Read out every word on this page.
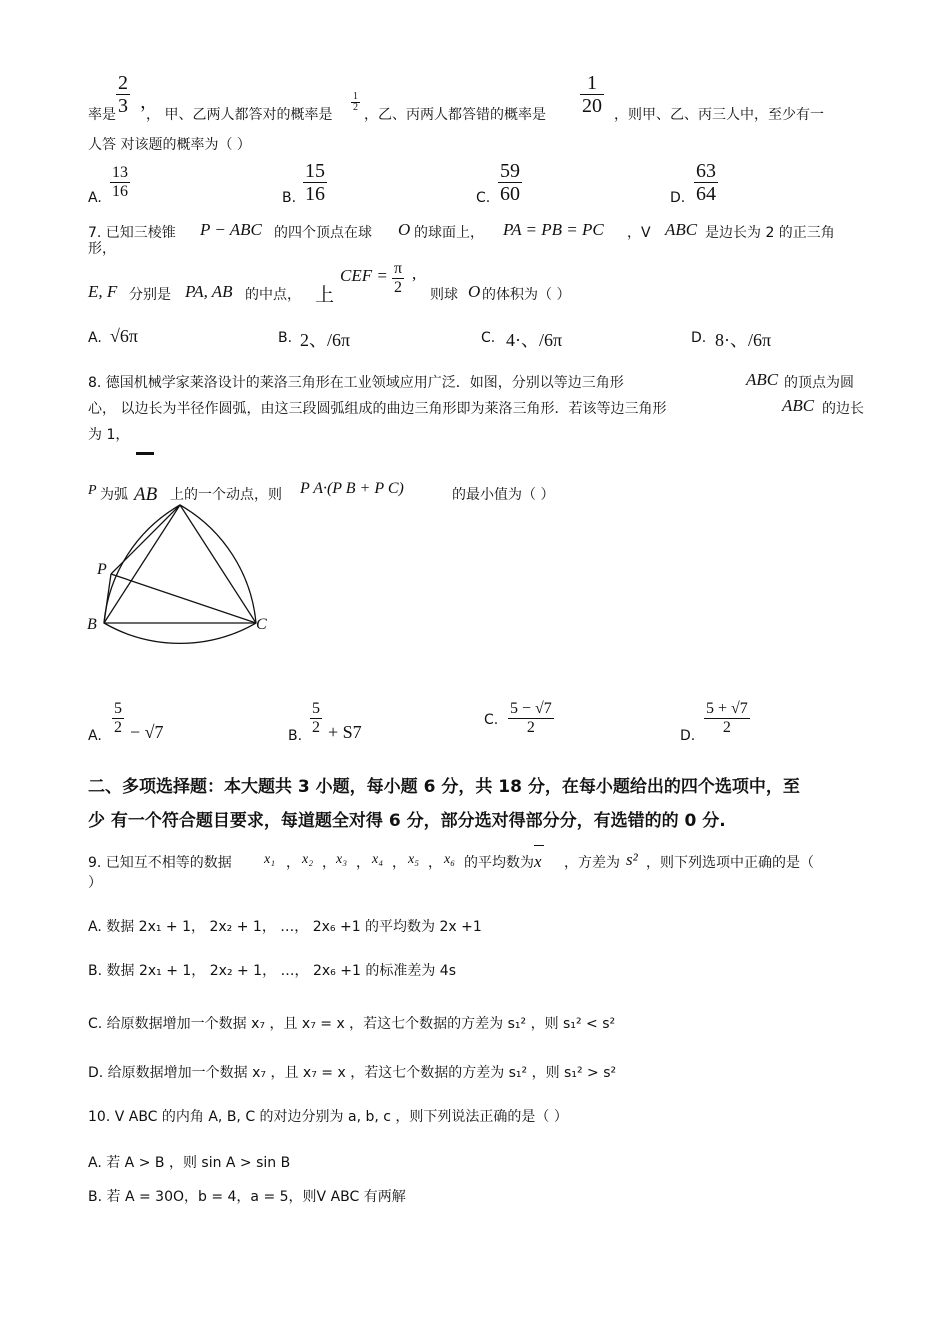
2
3
率是
，
， 甲、乙两人都答对的概率是
1
2 ，乙、丙两人都答错的概率是
1
20 ，则甲、乙、丙三人中，至少有一
人答 对该题的概率为（ ）
A.
13
16	B.
15
16	C.
59
60	D.
63
64
7. 已知三棱锥 P − ABC 的四个顶点在球 O 的球面上， PA = PB = PC ，V ABC 是边长为 2 的正三角
形，
E, F 分别是 PA, AB 的中点， 上
CEF = π
2
,
则球 O 的体积为（ ）
A. √6π	B. 2、/6π	C. 4·、/6π	D. 8·、/6π
8. 德国机械学家莱洛设计的莱洛三角形在工业领域应用广泛．如图，分别以等边三角形	ABC 的顶点为圆
心， 以边长为半径作圆弧，由这三段圆弧组成的曲边三角形即为莱洛三角形．若该等边三角形	ABC 的边长
为 1，
P 为弧 AB 上的一个动点，则 P A·(P B + P C)	的最小值为（ ）
P
B	C
A.
5
2 − √7	B.
5
2 + S7
C.
5 − √7
2	D.
5 + √7
2
二、多项选择题：本大题共 3 小题，每小题 6 分，共 18 分，在每小题给出的四个选项中，至
少 有一个符合题目要求，每道题全对得 6 分，部分选对得部分分，有选错的的 0 分.
9. 已知互不相等的数据 x₁ ， x₂ ， x₃ ， x₄ ， x₅ ， x₆ 的平均数为 x ，方差为 s² ，则下列选项中正确的是（
）
A. 数据 2x₁ + 1， 2x₂ + 1， …， 2x₆ +1 的平均数为 2x +1
B. 数据 2x₁ + 1， 2x₂ + 1， …， 2x₆ +1 的标准差为 4s
C. 给原数据增加一个数据 x₇ ，且 x₇ = x ，若这七个数据的方差为 s₁² ，则 s₁² < s²
D. 给原数据增加一个数据 x₇ ，且 x₇ = x ，若这七个数据的方差为 s₁² ，则 s₁² > s²
10. V ABC 的内角 A, B, C 的对边分别为 a, b, c ，则下列说法正确的是（ ）
A. 若 A > B ，则 sin A > sin B
B. 若 A = 30O，b = 4，a = 5，则V ABC 有两解
